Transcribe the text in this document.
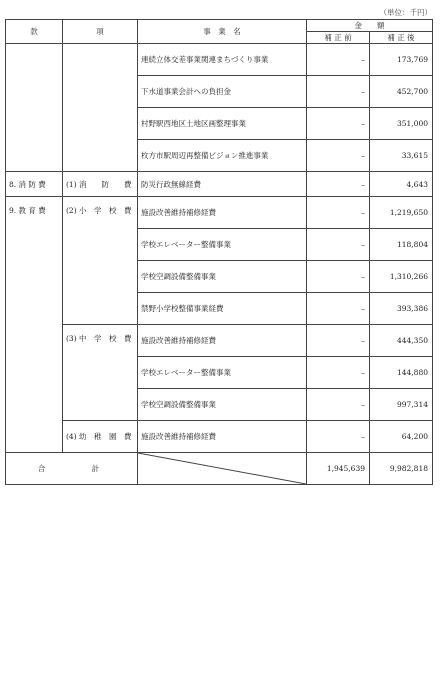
（単位：千円）
款	項	事　業　名	金　　額	
			補 正 前	補 正 後
		連続立体交差事業関連まちづくり事業	–	173,769
		下水道事業会計への負担金	–	452,700
		村野駅西地区土地区画整理事業	–	351,000
		枚方市駅周辺再整備ビジョン推進事業	–	33,615
8. 消 防 費	(1) 消　　防　　費	防災行政無線経費	–	4,643
9. 教 育 費	(2) 小　学　校　費	施設改善維持補修経費	–	1,219,650
		学校エレベーター整備事業	–	118,804
		学校空調設備整備事業	–	1,310,266
		禁野小学校整備事業経費	–	393,386
	(3) 中　学　校　費	施設改善維持補修経費	–	444,350
		学校エレベーター整備事業	–	144,880
		学校空調設備整備事業	–	997,314
	(4) 幼　稚　園　費	施設改善維持補修経費	–	64,200
合　　　計			1,945,639	9,982,818
